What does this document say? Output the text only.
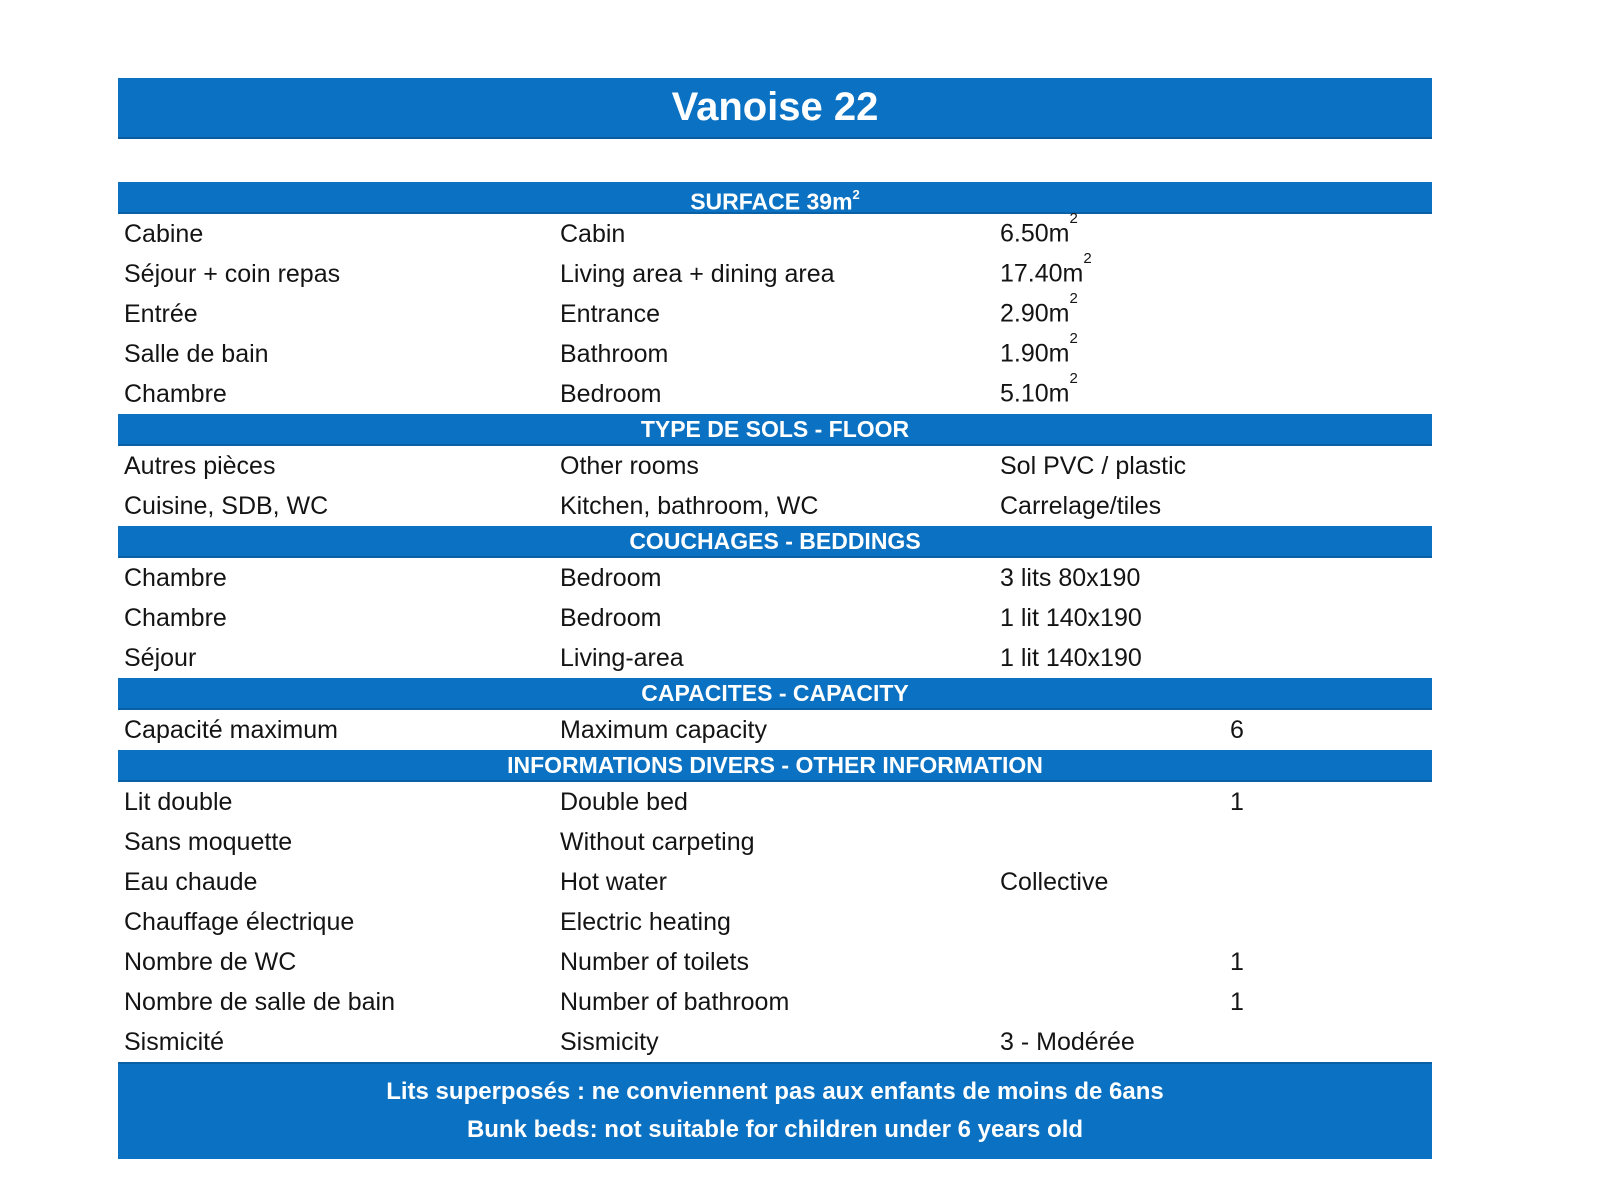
Vanoise 22
SURFACE $39m^2$
Cabine	Cabin	$6.50m^2$
Séjour + coin repas	Living area + dining area	$17.40m^2$
Entrée	Entrance	$2.90m^2$
Salle de bain	Bathroom	$1.90m^2$
Chambre	Bedroom	$5.10m^2$
TYPE DE SOLS - FLOOR
Autres pièces	Other rooms	Sol PVC / plastic
Cuisine, SDB, WC	Kitchen, bathroom, WC	Carrelage/tiles
COUCHAGES - BEDDINGS
Chambre	Bedroom	3 lits 80x190
Chambre	Bedroom	1 lit 140x190
Séjour	Living-area	1 lit 140x190
CAPACITES - CAPACITY
Capacité maximum	Maximum capacity	6
INFORMATIONS DIVERS - OTHER INFORMATION
Lit double	Double bed	1
Sans moquette	Without carpeting
Eau chaude	Hot water	Collective
Chauffage électrique	Electric heating
Nombre de WC	Number of toilets	1
Nombre de salle de bain	Number of bathroom	1
Sismicité	Sismicity	3 - Modérée
Lits superposés : ne conviennent pas aux enfants de moins de 6ans
Bunk beds: not suitable for children under 6 years old
